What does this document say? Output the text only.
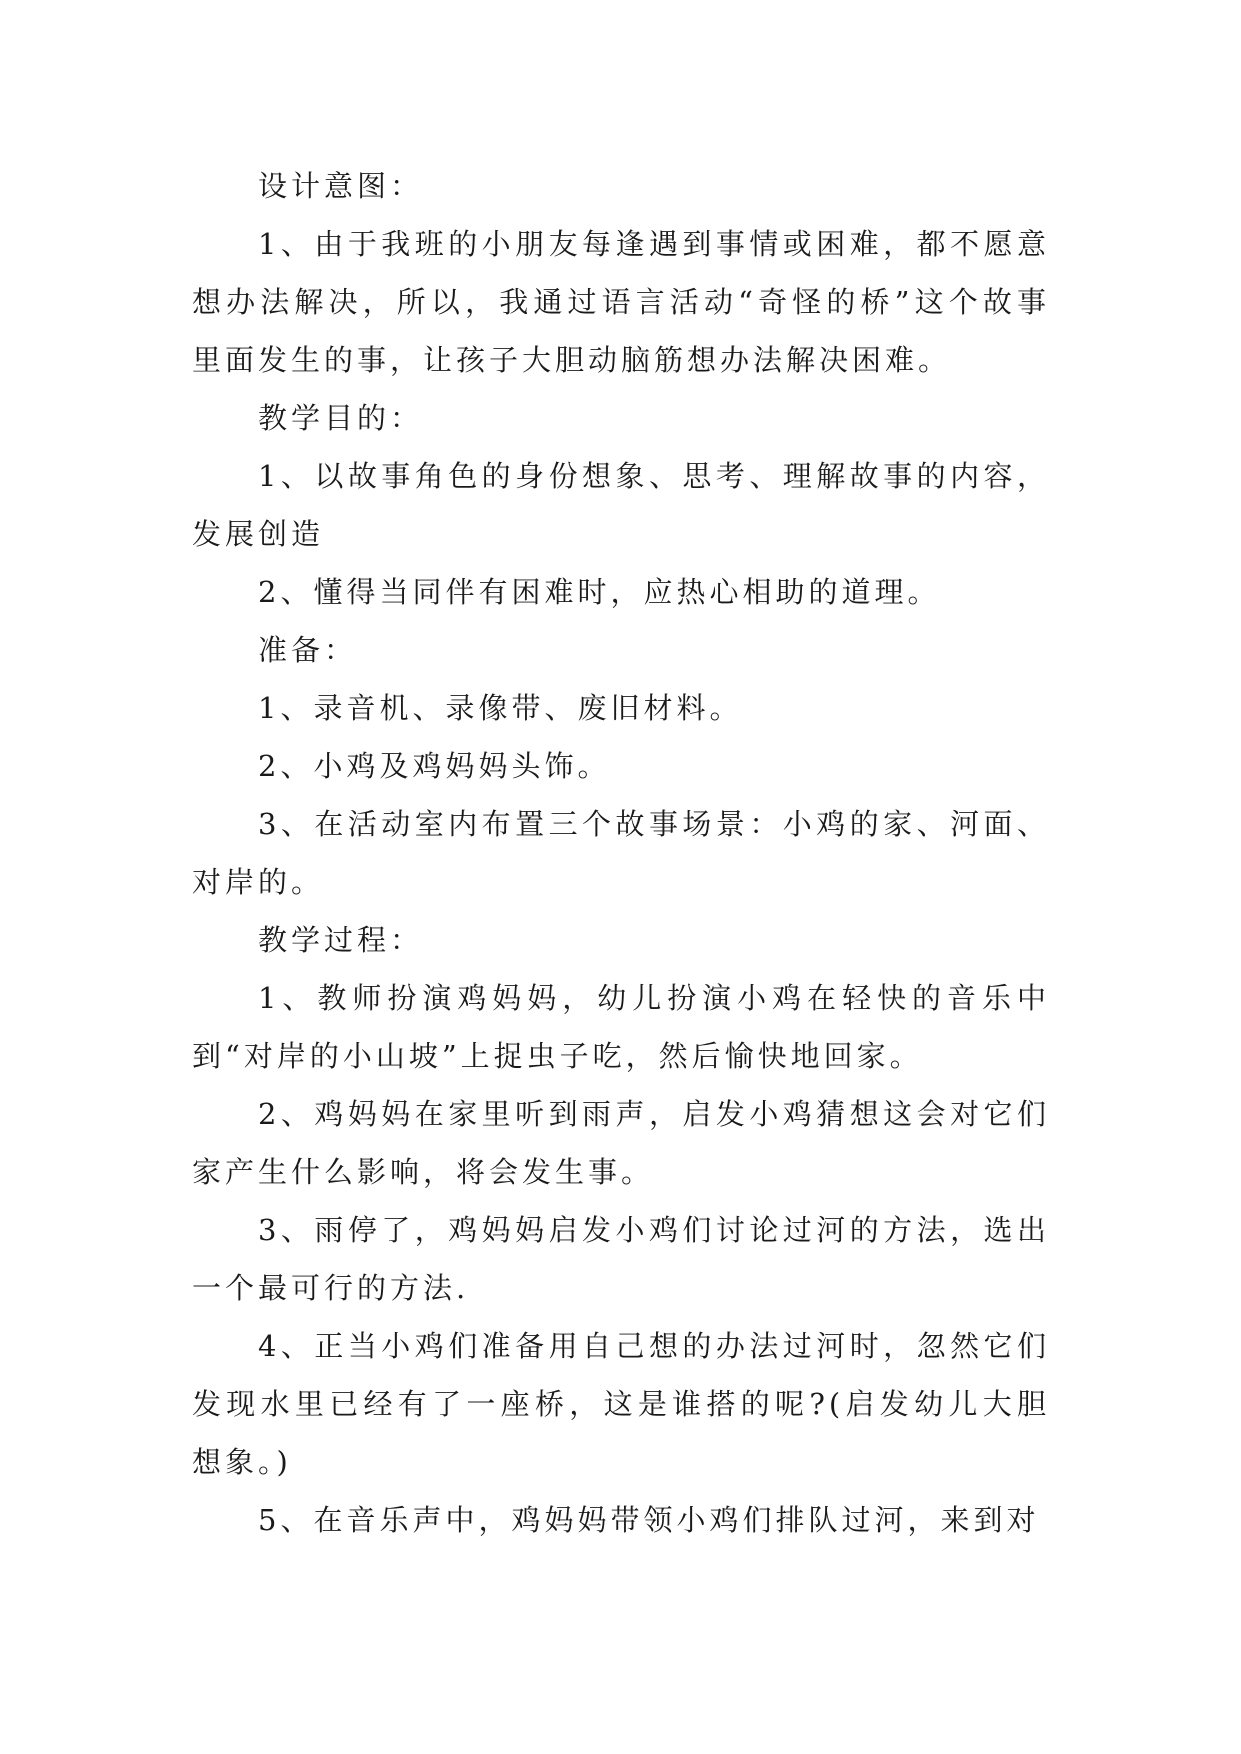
设计意图：

1、由于我班的小朋友每逢遇到事情或困难，都不愿意想办法解决，所以，我通过语言活动“奇怪的桥”这个故事里面发生的事，让孩子大胆动脑筋想办法解决困难。

教学目的：

1、以故事角色的身份想象、思考、理解故事的内容，发展创造

2、懂得当同伴有困难时，应热心相助的道理。

准备：

1、录音机、录像带、废旧材料。

2、小鸡及鸡妈妈头饰。

3、在活动室内布置三个故事场景：小鸡的家、河面、对岸的。

教学过程：

1、教师扮演鸡妈妈，幼儿扮演小鸡在轻快的音乐中到“对岸的小山坡”上捉虫子吃，然后愉快地回家。

2、鸡妈妈在家里听到雨声，启发小鸡猜想这会对它们家产生什么影响，将会发生事。

3、雨停了，鸡妈妈启发小鸡们讨论过河的方法，选出一个最可行的方法.

4、正当小鸡们准备用自己想的办法过河时，忽然它们发现水里已经有了一座桥，这是谁搭的呢?(启发幼儿大胆想象。)

5、在音乐声中，鸡妈妈带领小鸡们排队过河，来到对
